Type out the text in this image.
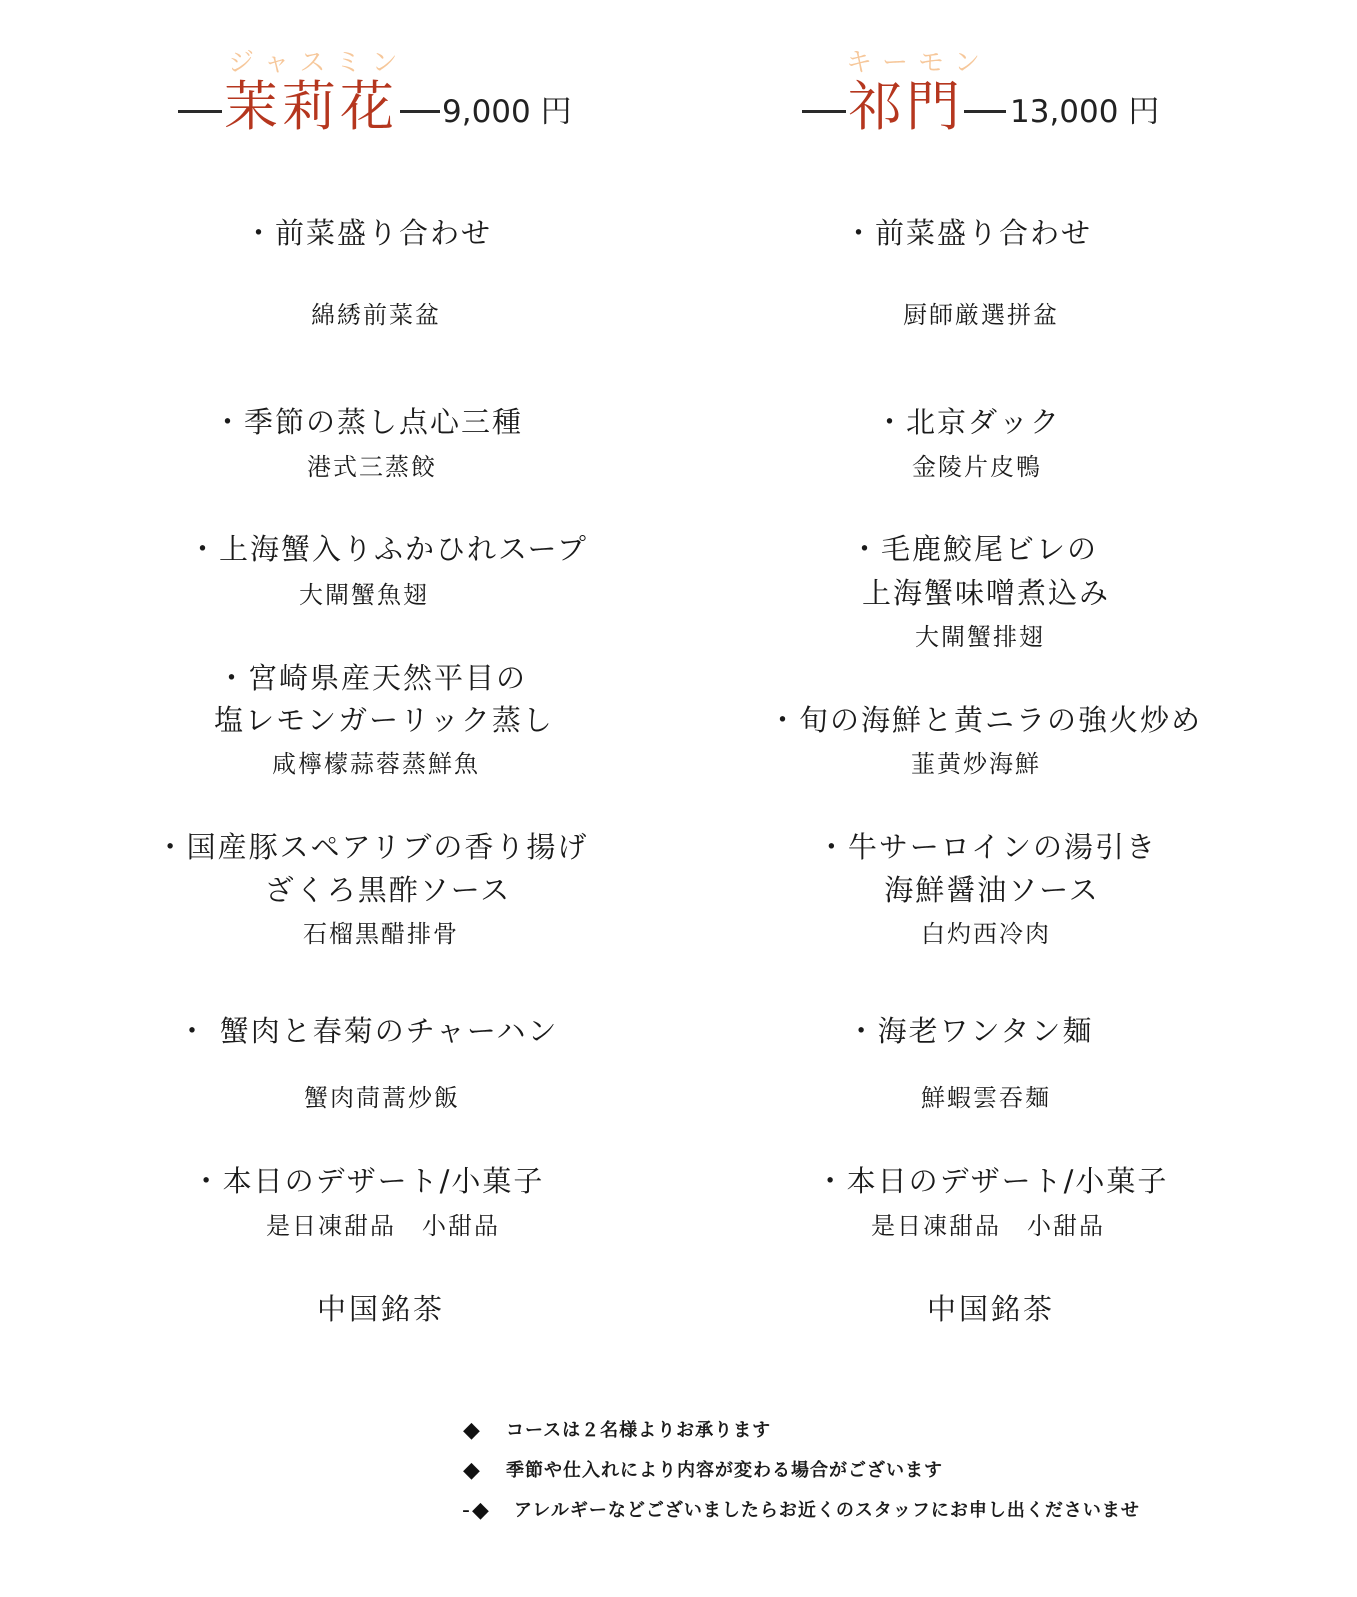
ジャスミン
茉莉花 9,000 円
キーモン
祁門 13,000 円
・前菜盛り合わせ
綿綉前菜盆
・季節の蒸し点心三種
港式三蒸餃
・上海蟹入りふかひれスープ
大閘蟹魚翅
・宮崎県産天然平目の
塩レモンガーリック蒸し
咸檸檬蒜蓉蒸鮮魚
・国産豚スペアリブの香り揚げ
ざくろ黒酢ソース
石榴黒醋排骨
・ 蟹肉と春菊のチャーハン
蟹肉茼蒿炒飯
・本日のデザート/小菓子
是日凍甜品　小甜品
中国銘茶
・前菜盛り合わせ
厨師厳選拼盆
・北京ダック
金陵片皮鴨
・毛鹿鮫尾ビレの
上海蟹味噌煮込み
大閘蟹排翅
・旬の海鮮と黄ニラの強火炒め
韮黄炒海鮮
・牛サーロインの湯引き
海鮮醤油ソース
白灼西冷肉
・海老ワンタン麺
鮮蝦雲吞麺
・本日のデザート/小菓子
是日凍甜品　小甜品
中国銘茶
◆ コースは２名様よりお承ります
◆ 季節や仕入れにより内容が変わる場合がございます
- ◆ アレルギーなどございましたらお近くのスタッフにお申し出くださいませ
